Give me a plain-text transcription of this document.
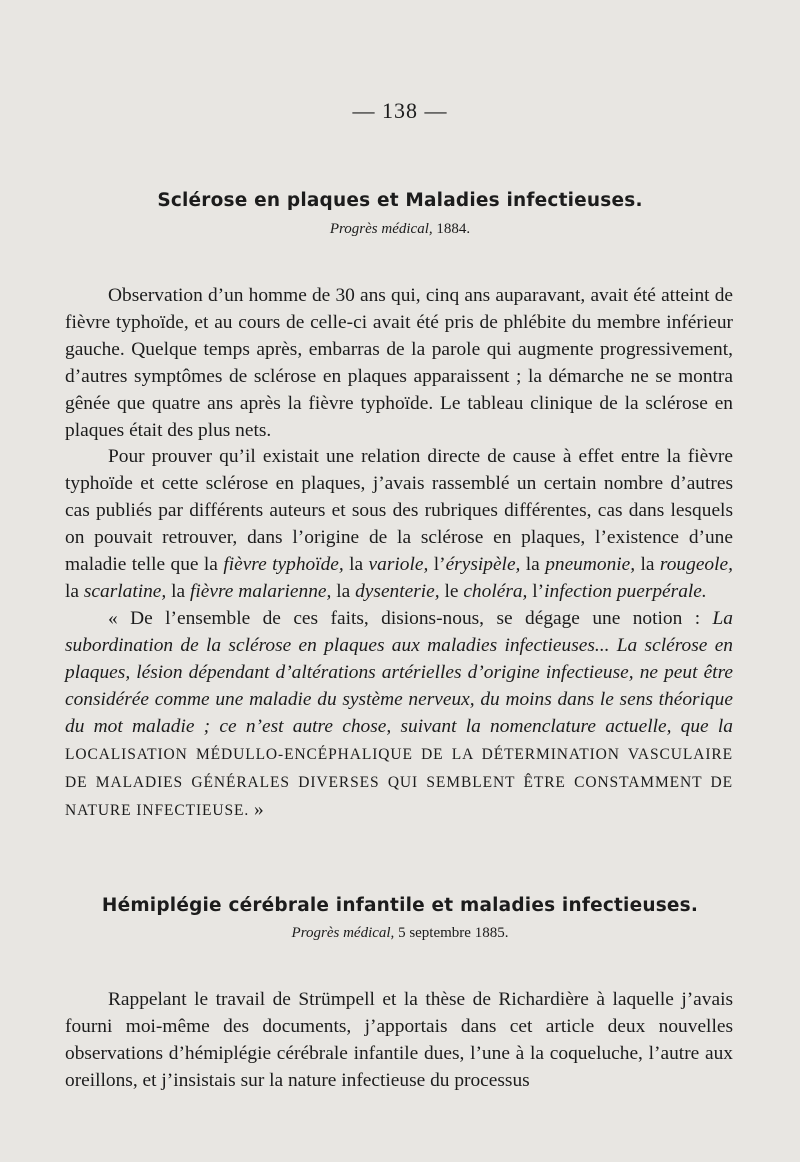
— 138 —
Sclérose en plaques et Maladies infectieuses.
Progrès médical, 1884.

Observation d’un homme de 30 ans qui, cinq ans auparavant, avait été atteint de fièvre typhoïde, et au cours de celle-ci avait été pris de phlébite du membre inférieur gauche. Quelque temps après, embarras de la parole qui augmente progressivement, d’autres symptômes de sclérose en plaques apparaissent ; la démarche ne se montra gênée que quatre ans après la fièvre typhoïde. Le tableau clinique de la sclérose en plaques était des plus nets.

Pour prouver qu’il existait une relation directe de cause à effet entre la fièvre typhoïde et cette sclérose en plaques, j’avais rassemblé un certain nombre d’autres cas publiés par différents auteurs et sous des rubriques différentes, cas dans lesquels on pouvait retrouver, dans l’origine de la sclérose en plaques, l’existence d’une maladie telle que la fièvre typhoïde, la variole, l’érysipèle, la pneumonie, la rougeole, la scarlatine, la fièvre malarienne, la dysenterie, le choléra, l’infection puerpérale.

« De l’ensemble de ces faits, disions-nous, se dégage une notion : La subordination de la sclérose en plaques aux maladies infectieuses... La sclérose en plaques, lésion dépendant d’altérations artérielles d’origine infectieuse, ne peut être considérée comme une maladie du système nerveux, du moins dans le sens théorique du mot maladie ; ce n’est autre chose, suivant la nomenclature actuelle, que la LOCALISATION MÉDULLO-ENCÉPHALIQUE DE LA DÉTERMINATION VASCULAIRE DE MALADIES GÉNÉRALES DIVERSES QUI SEMBLENT ÊTRE CONSTAMMENT DE NATURE INFECTIEUSE. »

Hémiplégie cérébrale infantile et maladies infectieuses.
Progrès médical, 5 septembre 1885.

Rappelant le travail de Strümpell et la thèse de Richardière à laquelle j’avais fourni moi-même des documents, j’apportais dans cet article deux nouvelles observations d’hémiplégie cérébrale infantile dues, l’une à la coqueluche, l’autre aux oreillons, et j’insistais sur la nature infectieuse du processus
